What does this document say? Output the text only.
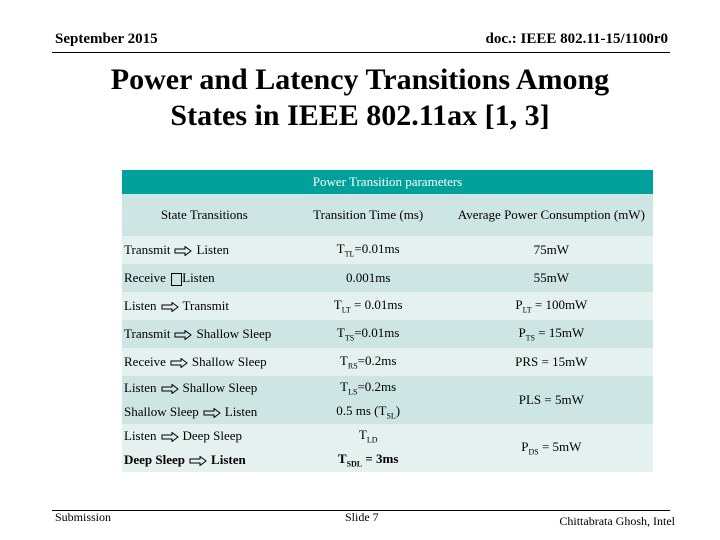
September 2015	doc.: IEEE 802.11-15/1100r0
Power and Latency Transitions Among
States in IEEE 802.11ax [1, 3]
Power Transition parameters		
State Transitions	Transition Time (ms)	Average Power Consumption (mW)
Transmit Listen	$T_{TL}=0.01ms$	75mW
Receive Listen	0.001ms	55mW
Listen Transmit	$T_{LT} = 0.01ms$	$P_{LT} = 100mW$
Transmit Shallow Sleep	$T_{TS}=0.01ms$	$P_{TS} = 15mW$
Receive Shallow Sleep	$T_{RS}=0.2ms$	PRS = 15mW
Listen Shallow Sleep	$T_{LS}=0.2ms$	PLS = 5mW
Shallow Sleep Listen	0.5 ms $(T_{SL})$	
Listen Deep Sleep	$T_{LD}$	$P_{DS} = 5mW$
Deep Sleep Listen	$T_{SDL} = 3ms$	
Submission	Slide 7	Chittabrata Ghosh, Intel
